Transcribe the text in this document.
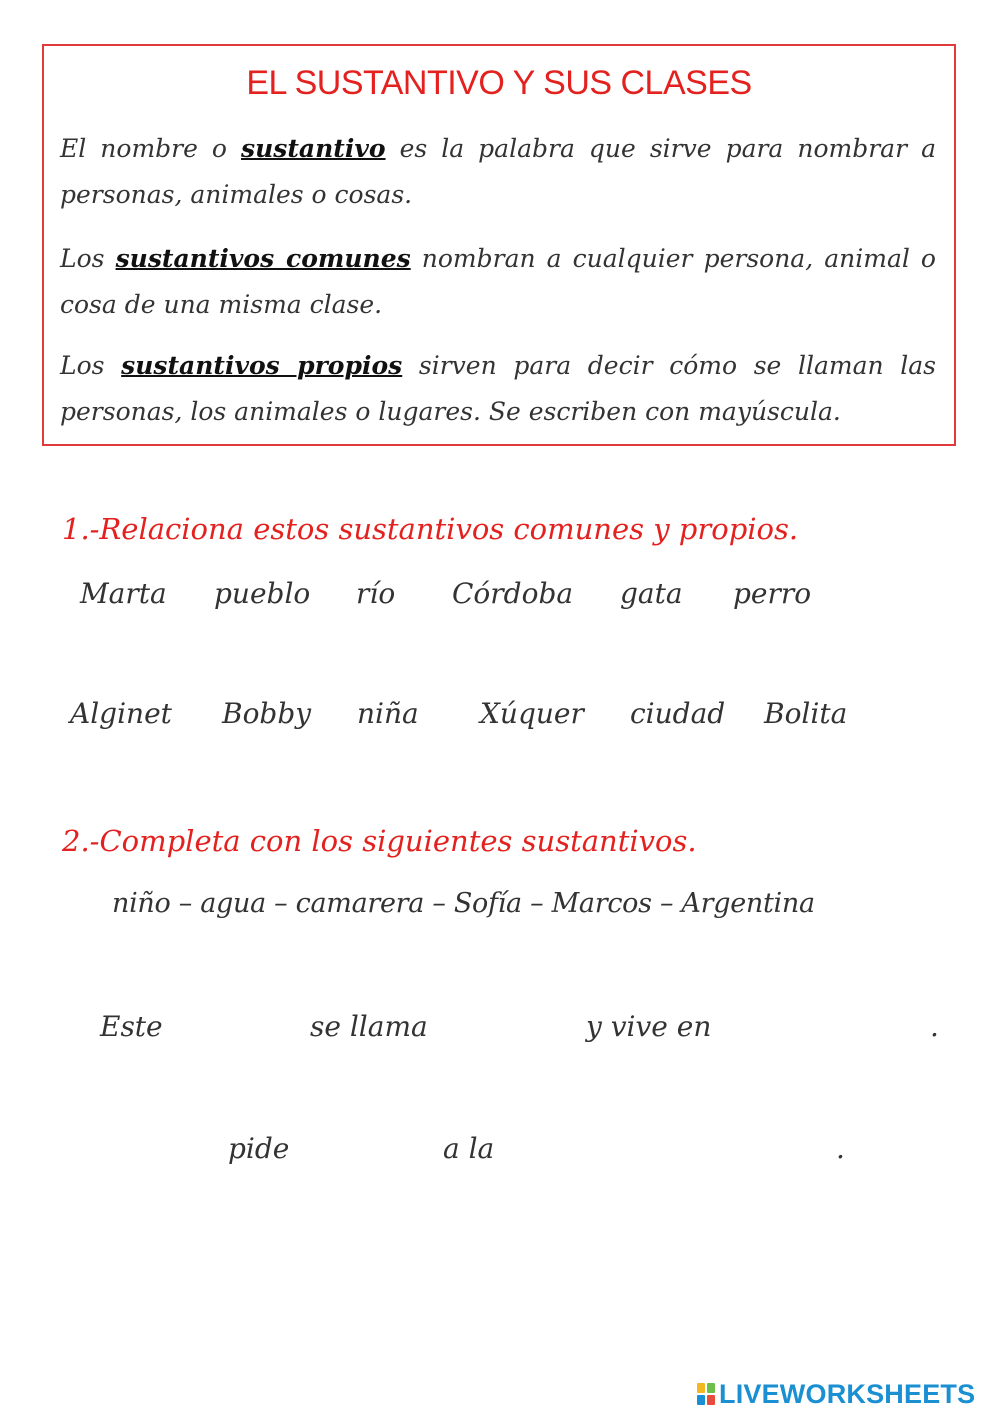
EL SUSTANTIVO Y SUS CLASES
El nombre o sustantivo es la palabra que sirve para nombrar a personas, animales o cosas.
Los sustantivos comunes nombran a cualquier persona, animal o cosa de una misma clase.
Los sustantivos propios sirven para decir cómo se llaman las personas, los animales o lugares. Se escriben con mayúscula.
1.-Relaciona estos sustantivos comunes y propios.
Marta pueblo río Córdoba gata perro
Alginet Bobby niña Xúquer ciudad Bolita
2.-Completa con los siguientes sustantivos.
niño – agua – camarera – Sofía – Marcos – Argentina
Este	se llama	y vive en	.
pide	a la	.
LIVEWORKSHEETS
